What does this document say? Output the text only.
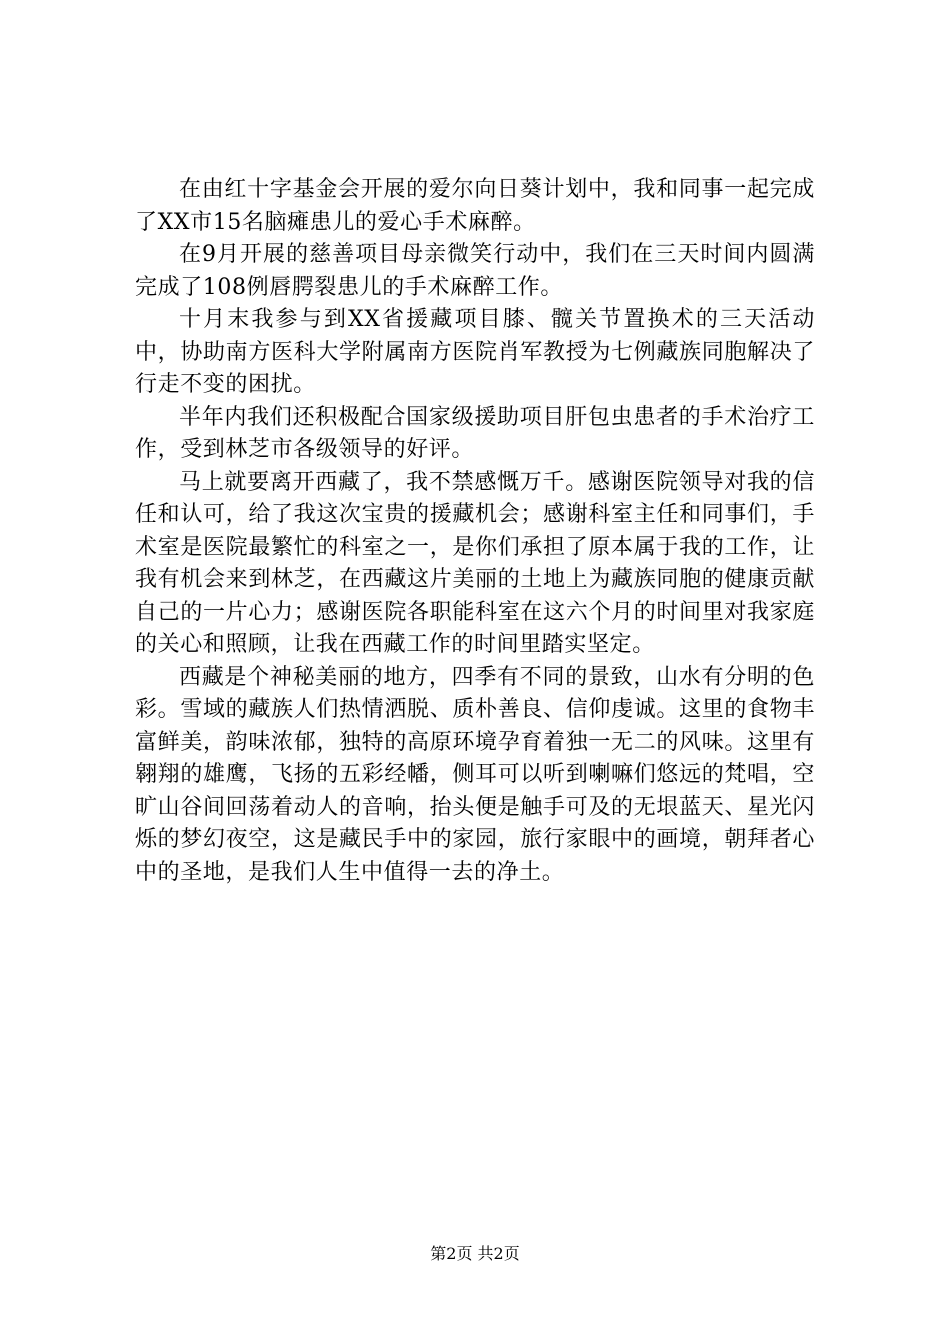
在由红十字基金会开展的爱尔向日葵计划中，我和同事一起完成了XX市15名脑瘫患儿的爱心手术麻醉。

在9月开展的慈善项目母亲微笑行动中，我们在三天时间内圆满完成了108例唇腭裂患儿的手术麻醉工作。

十月末我参与到XX省援藏项目膝、髋关节置换术的三天活动中，协助南方医科大学附属南方医院肖军教授为七例藏族同胞解决了行走不变的困扰。

半年内我们还积极配合国家级援助项目肝包虫患者的手术治疗工作，受到林芝市各级领导的好评。

马上就要离开西藏了，我不禁感慨万千。感谢医院领导对我的信任和认可，给了我这次宝贵的援藏机会；感谢科室主任和同事们，手术室是医院最繁忙的科室之一，是你们承担了原本属于我的工作，让我有机会来到林芝，在西藏这片美丽的土地上为藏族同胞的健康贡献自己的一片心力；感谢医院各职能科室在这六个月的时间里对我家庭的关心和照顾，让我在西藏工作的时间里踏实坚定。

西藏是个神秘美丽的地方，四季有不同的景致，山水有分明的色彩。雪域的藏族人们热情洒脱、质朴善良、信仰虔诚。这里的食物丰富鲜美，韵味浓郁，独特的高原环境孕育着独一无二的风味。这里有翱翔的雄鹰，飞扬的五彩经幡，侧耳可以听到喇嘛们悠远的梵唱，空旷山谷间回荡着动人的音响，抬头便是触手可及的无垠蓝天、星光闪烁的梦幻夜空，这是藏民手中的家园，旅行家眼中的画境，朝拜者心中的圣地，是我们人生中值得一去的净土。

第2页 共2页
